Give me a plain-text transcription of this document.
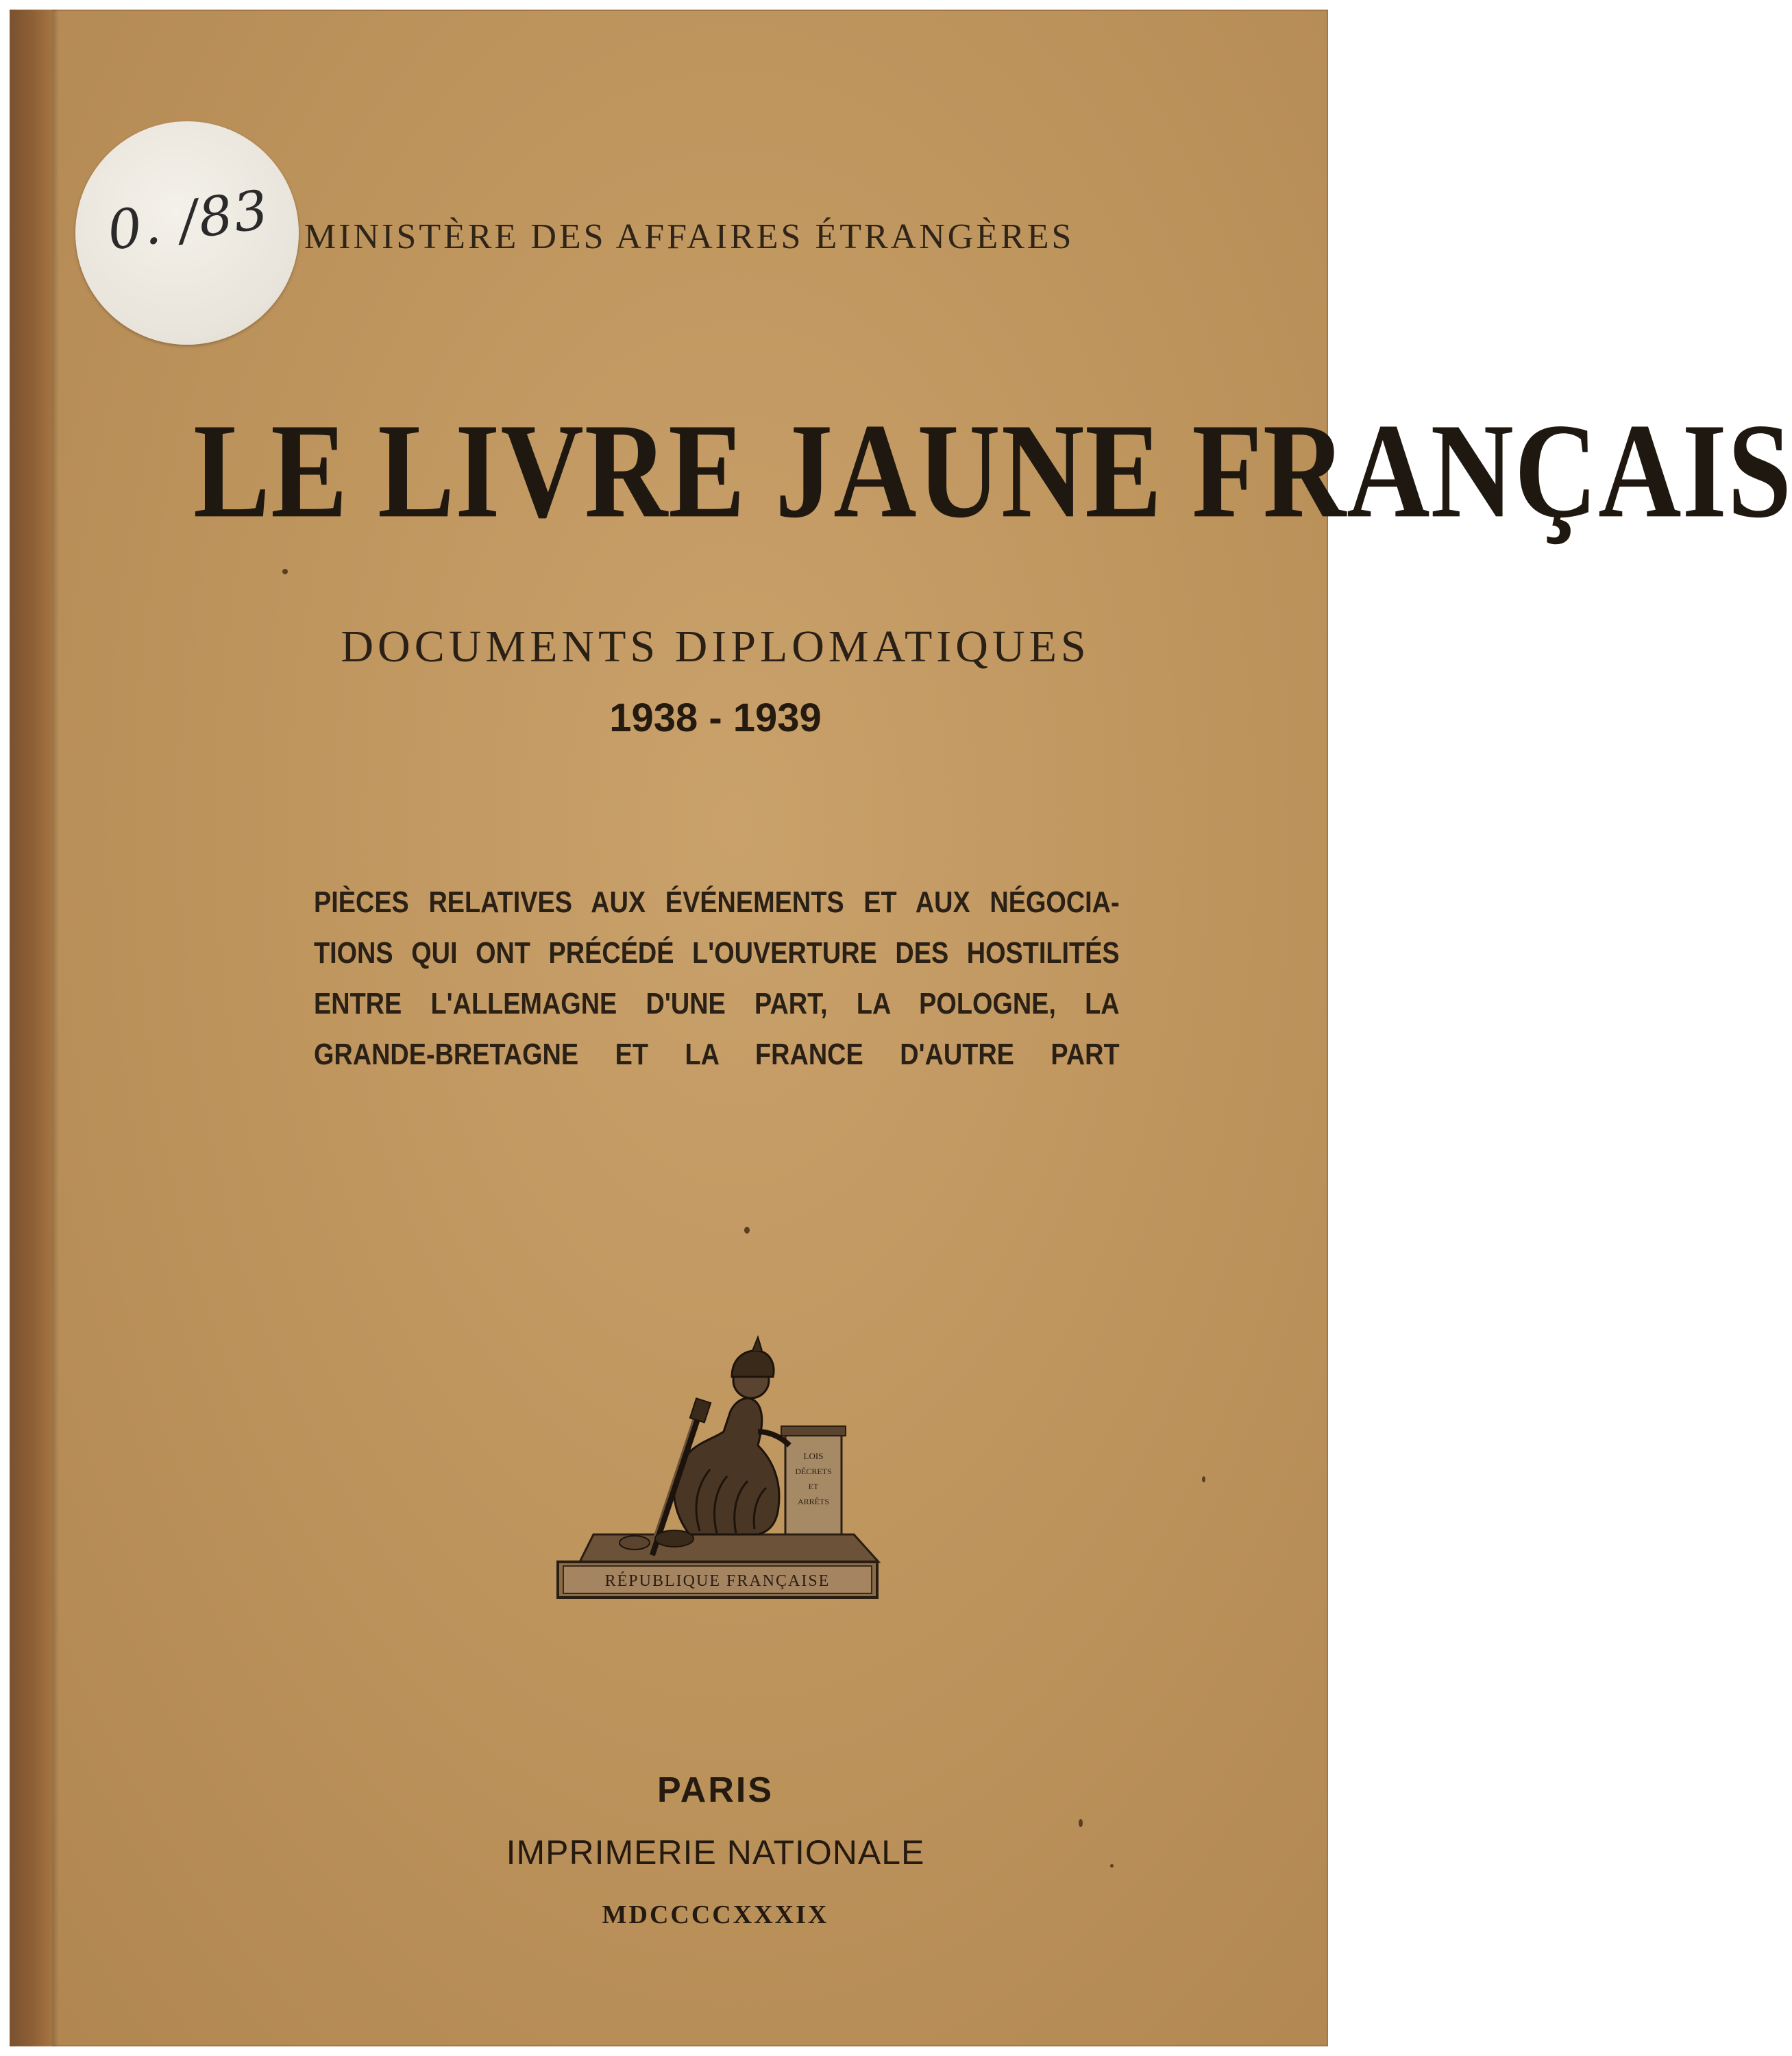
0. /83 MINISTÈRE DES AFFAIRES ÉTRANGÈRES
LE LIVRE JAUNE FRANÇAIS
DOCUMENTS DIPLOMATIQUES
1938 - 1939
PIÈCES RELATIVES AUX ÉVÉNEMENTS ET AUX NÉGOCIA-
TIONS QUI ONT PRÉCÉDÉ L'OUVERTURE DES HOSTILITÉS
ENTRE L'ALLEMAGNE D'UNE PART, LA POLOGNE, LA
GRANDE-BRETAGNE ET LA FRANCE D'AUTRE PART
RÉPUBLIQUE FRANÇAISE
LOIS
DÉCRETS
ET
ARRÊTS
PARIS
IMPRIMERIE NATIONALE
MDCCCCXXXIX
